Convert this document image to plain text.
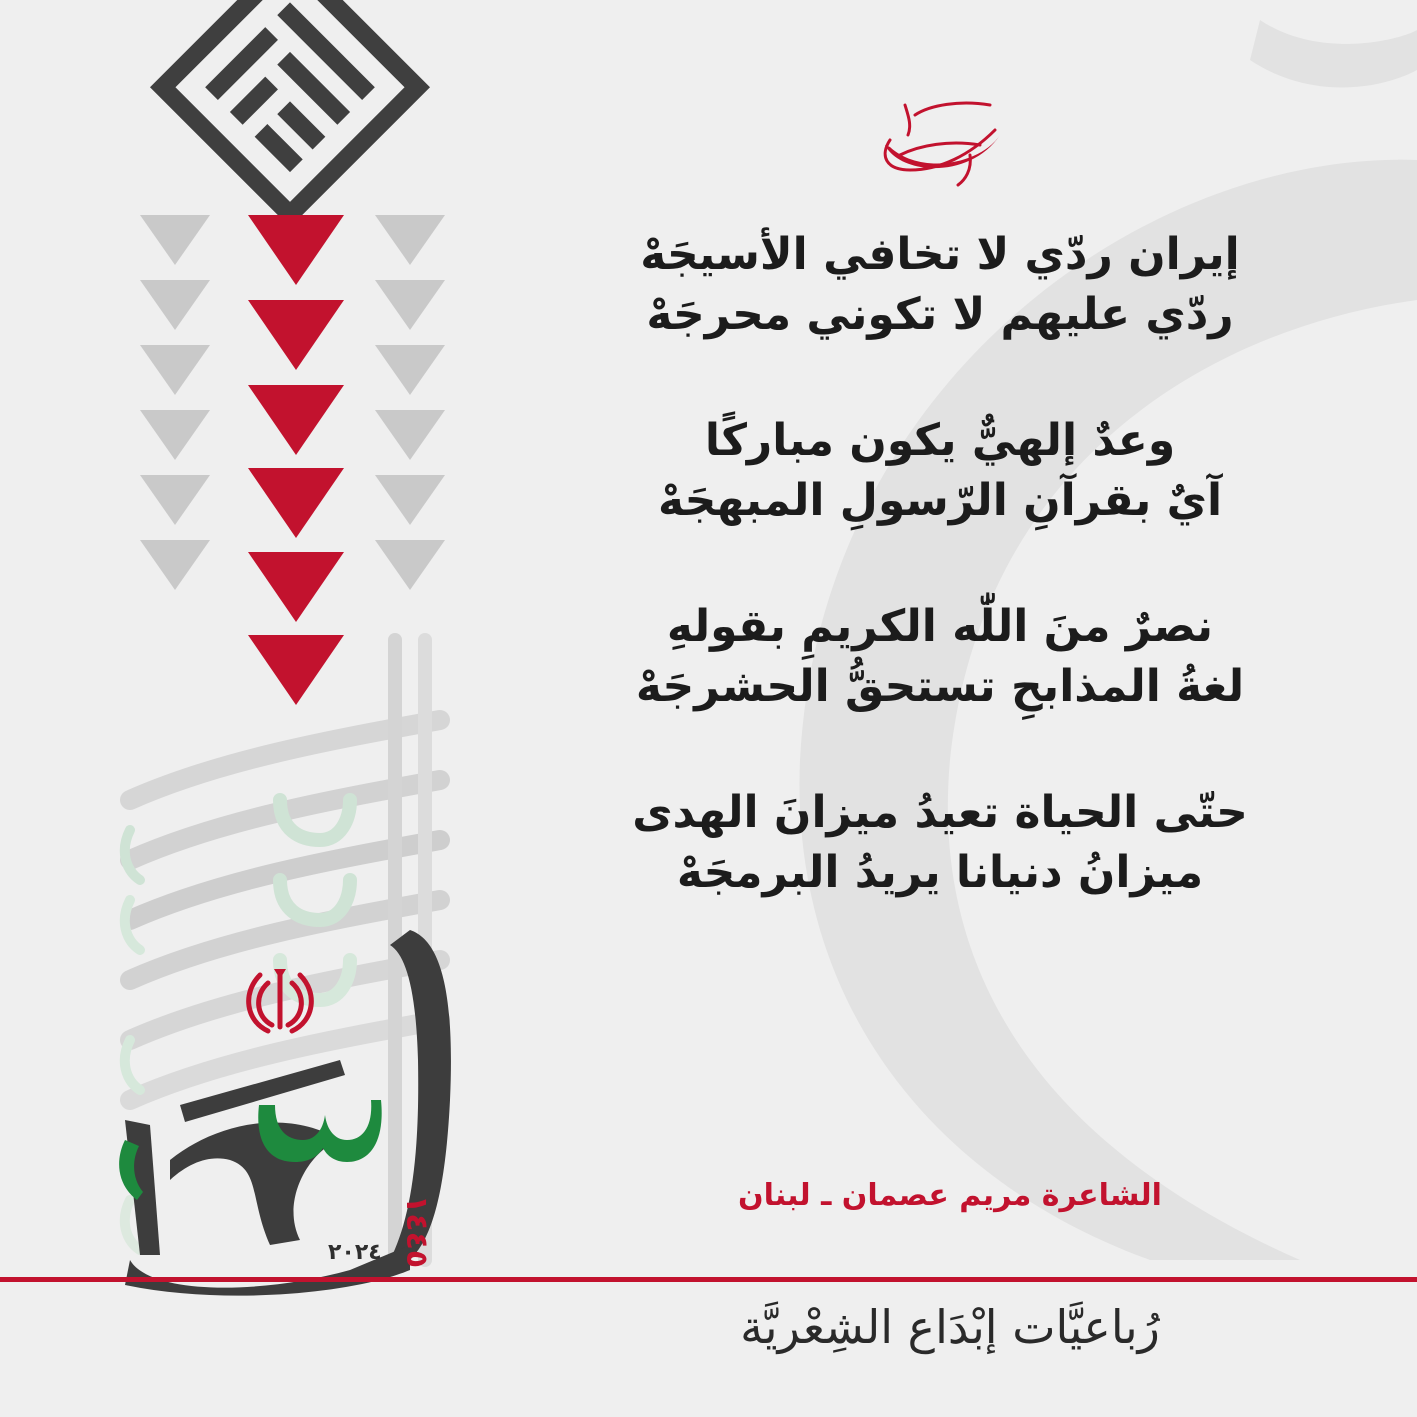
٢٠٢٤ ١٤٤٥
إيران ردّي لا تخافي الأسيجَهْ
ردّي عليهم لا تكوني محرجَهْ
وعدٌ إلهيٌّ يكون مباركًا
آيٌ بقرآنِ الرّسولِ المبهجَهْ
نصرٌ منَ اللّٰه الكريمِ بقولهِ
لغةُ المذابحِ تستحقُّ الحشرجَهْ
حتّى الحياة تعيدُ ميزانَ الهدى
ميزانُ دنيانا يريدُ البرمجَهْ
الشاعرة مريم عصمان ـ لبنان
رُباعيَّات إبْدَاع الشِعْريَّة
